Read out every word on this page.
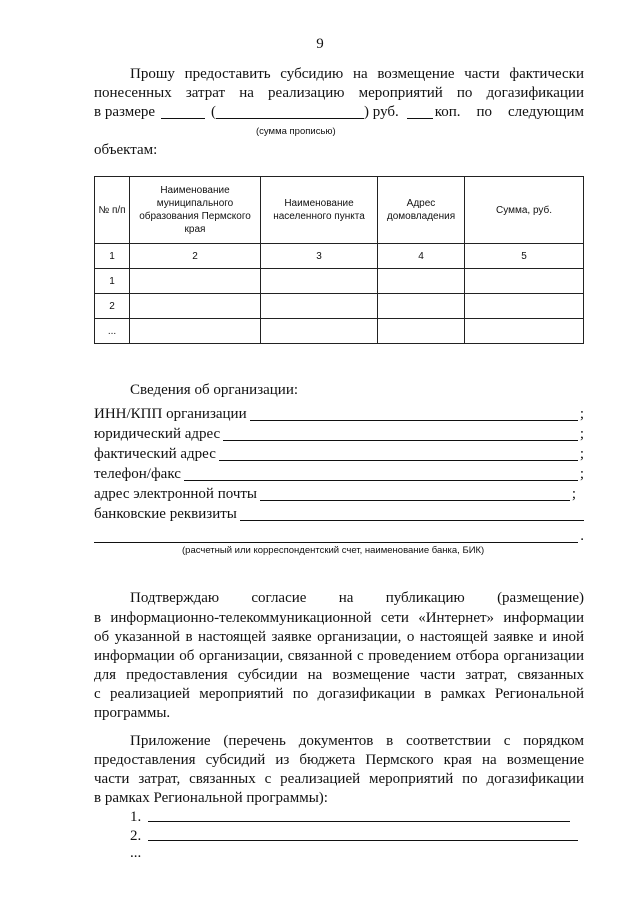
9
Прошу предоставить субсидию на возмещение части фактически
понесенных затрат на реализацию мероприятий по догазификации
в размере	(	) руб. коп. по следующим
(сумма прописью)
объектам:
№ п/п	Наименование муниципального образования Пермского края	Наименование населенного пункта	Адрес домовладения	Сумма, руб.
1	2	3	4	5
1				
2				
...				
Сведения об организации:
ИНН/КПП организации	;
юридический адрес	;
фактический адрес	;
телефон/факс	;
адрес электронной почты	;
банковские реквизиты
.
(расчетный или корреспондентский счет, наименование банка, БИК)
Подтверждаю согласие на публикацию (размещение)
в информационно-телекоммуникационной сети «Интернет» информации
об указанной в настоящей заявке организации, о настоящей заявке и иной
информации об организации, связанной с проведением отбора организации
для предоставления субсидии на возмещение части затрат, связанных
с реализацией мероприятий по догазификации в рамках Региональной
программы.
Приложение (перечень документов в соответствии с порядком
предоставления субсидий из бюджета Пермского края на возмещение
части затрат, связанных с реализацией мероприятий по догазификации
в рамках Региональной программы):
1.
2.
...
